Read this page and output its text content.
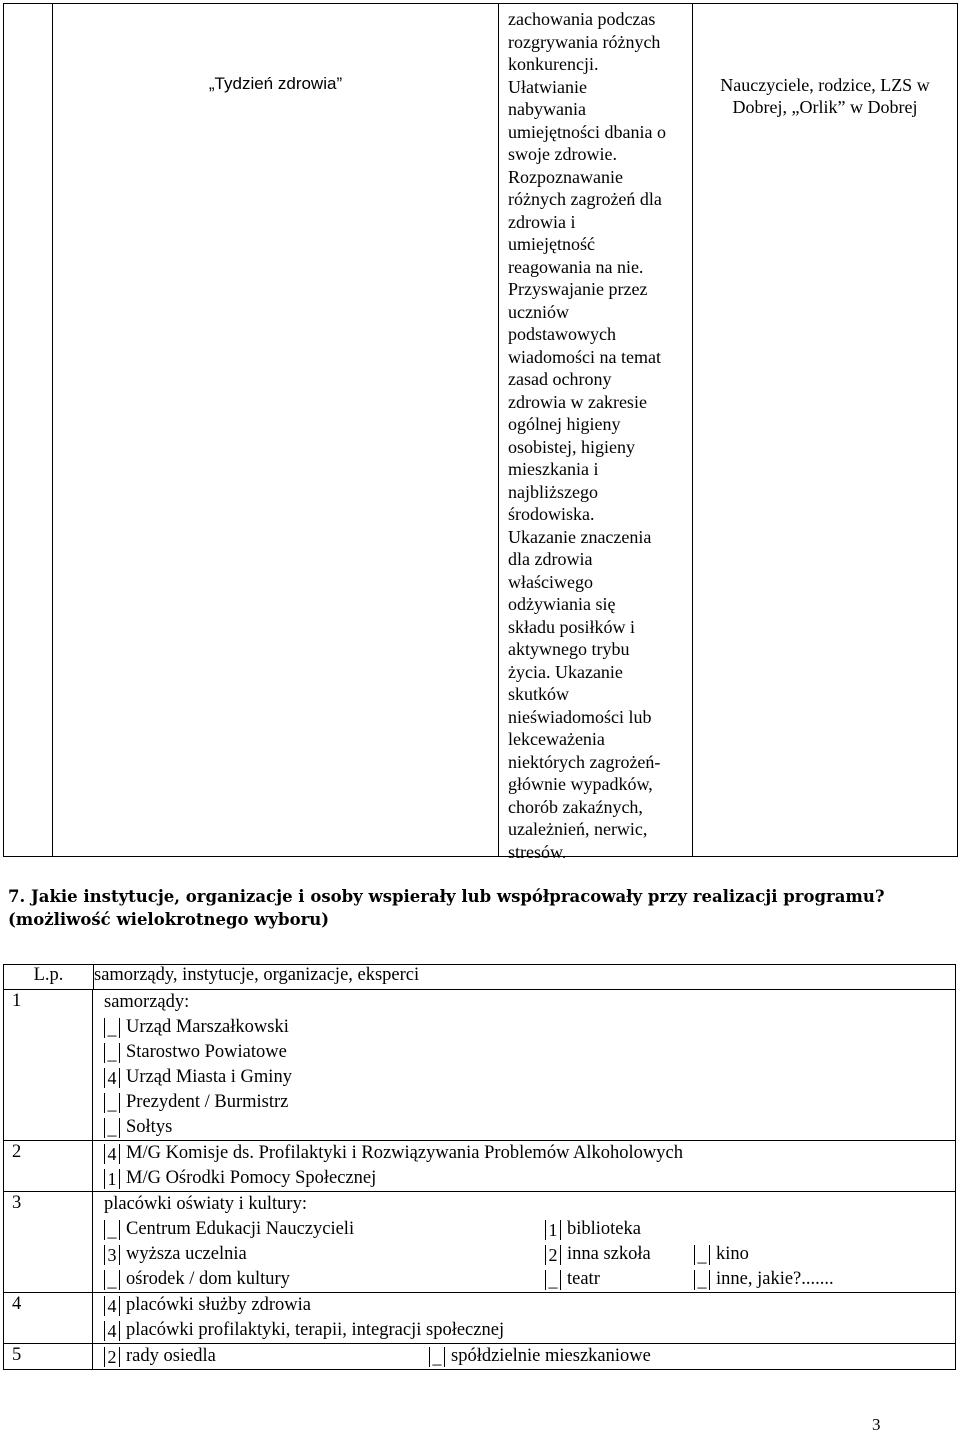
„Tydzień zdrowia”

zachowania podczas
rozgrywania różnych
konkurencji.
Ułatwianie
nabywania
umiejętności dbania o
swoje zdrowie.
Rozpoznawanie
różnych zagrożeń dla
zdrowia i
umiejętność
reagowania na nie.
Przyswajanie przez
uczniów
podstawowych
wiadomości na temat
zasad ochrony
zdrowia w zakresie
ogólnej higieny
osobistej, higieny
mieszkania i
najbliższego
środowiska.
Ukazanie znaczenia
dla zdrowia
właściwego
odżywiania się
składu posiłków i
aktywnego trybu
życia. Ukazanie
skutków
nieświadomości lub
lekceważenia
niektórych zagrożeń-
głównie wypadków,
chorób zakaźnych,
uzależnień, nerwic,
stresów.

Nauczyciele, rodzice, LZS w
Dobrej, „Orlik” w Dobrej
7. Jakie instytucje, organizacje i osoby wspierały lub współpracowały przy realizacji programu?
(możliwość wielokrotnego wyboru)
L.p.	samorządy, instytucje, organizacje, eksperci

1	samorządy:
_ Urząd Marszałkowski
_ Starostwo Powiatowe
4 Urząd Miasta i Gminy
_ Prezydent / Burmistrz
_ Sołtys
2	4 M/G Komisje ds. Profilaktyki i Rozwiązywania Problemów Alkoholowych
1 M/G Ośrodki Pomocy Społecznej
3	placówki oświaty i kultury:
_ Centrum Edukacji Nauczycieli	1 biblioteka
3 wyższa uczelnia	2 inna szkoła	_ kino
_ ośrodek / dom kultury	_ teatr	_ inne, jakie?.......
4	4 placówki służby zdrowia
4 placówki profilaktyki, terapii, integracji społecznej
5	2 rady osiedla	_ spółdzielnie mieszkaniowe
3
